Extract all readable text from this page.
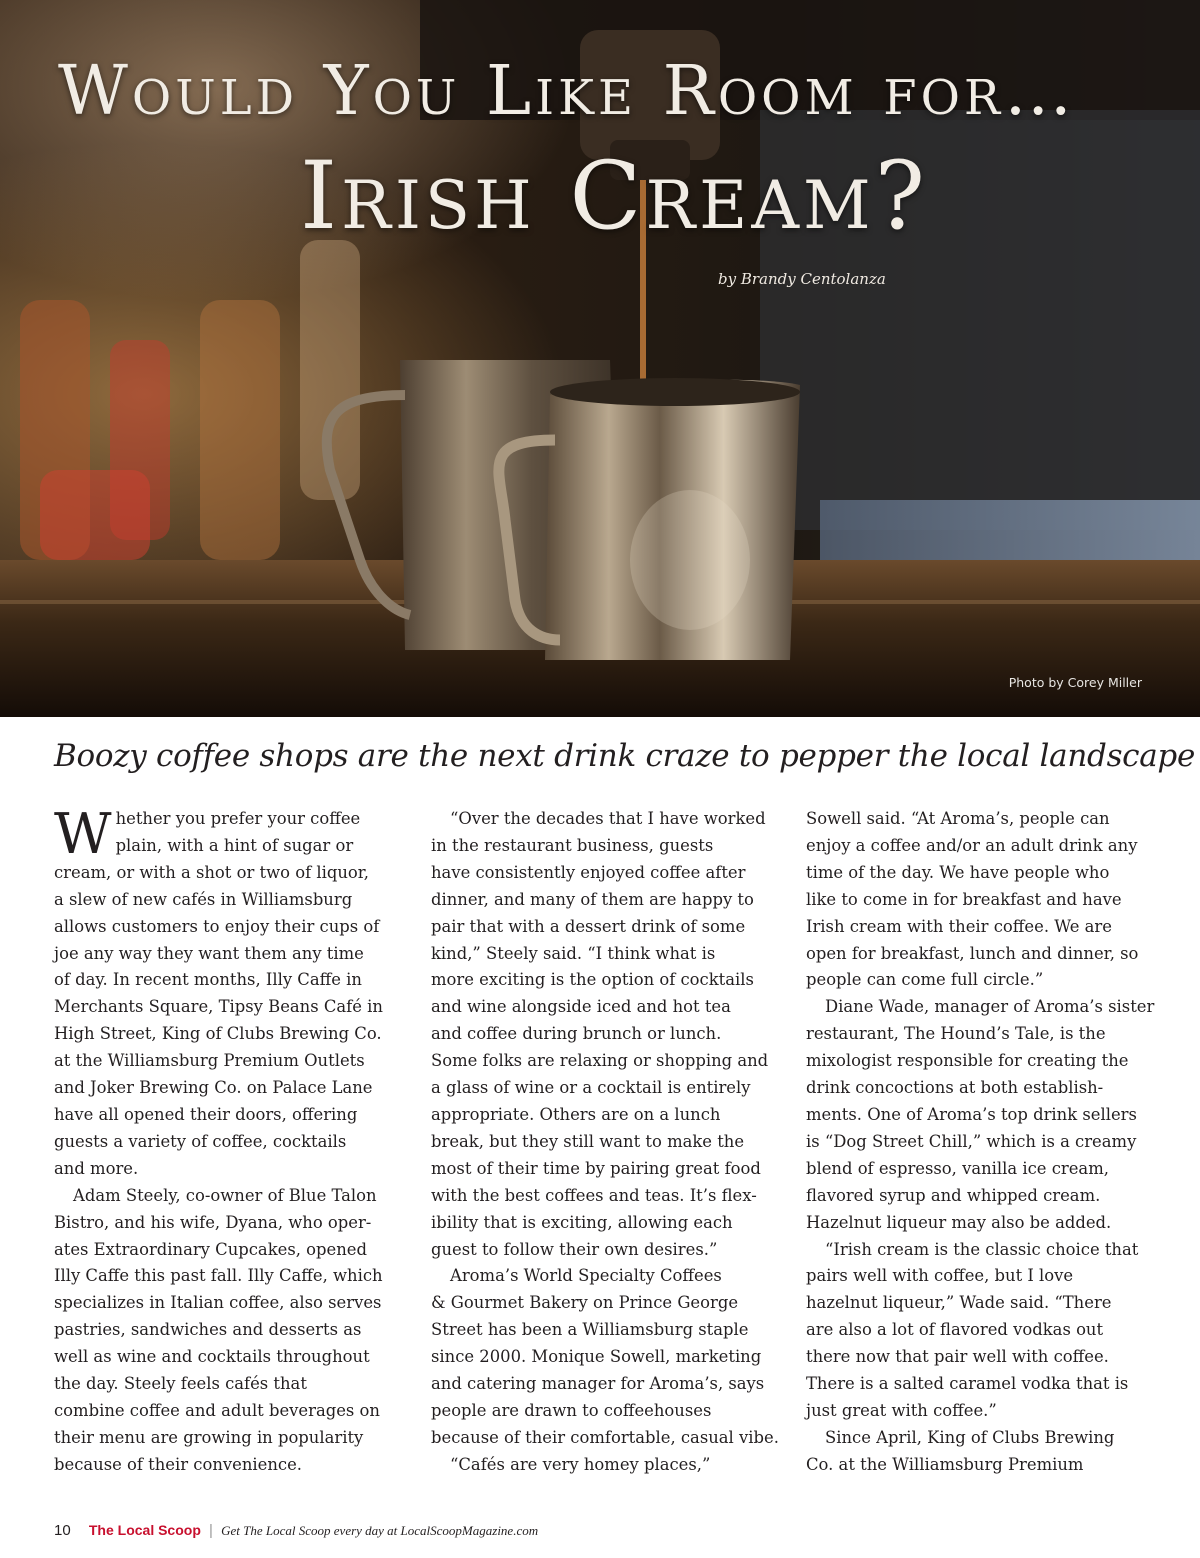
Would You Like Room for…
Irish Cream?
by Brandy Centolanza
Photo by Corey Miller
Boozy coffee shops are the next drink craze to pepper the local landscape
W hether you prefer your coffee

plain, with a hint of sugar or

cream, or with a shot or two of liquor,

a slew of new cafés in Williamsburg

allows customers to enjoy their cups of

joe any way they want them any time

of day. In recent months, Illy Caffe in

Merchants Square, Tipsy Beans Café in

High Street, King of Clubs Brewing Co.

at the Williamsburg Premium Outlets

and Joker Brewing Co. on Palace Lane

have all opened their doors, offering

guests a variety of coffee, cocktails

and more.

Adam Steely, co-owner of Blue Talon

Bistro, and his wife, Dyana, who oper-

ates Extraordinary Cupcakes, opened

Illy Caffe this past fall. Illy Caffe, which

specializes in Italian coffee, also serves

pastries, sandwiches and desserts as

well as wine and cocktails throughout

the day. Steely feels cafés that

combine coffee and adult beverages on

their menu are growing in popularity

because of their convenience.

“Over the decades that I have worked

in the restaurant business, guests

have consistently enjoyed coffee after

dinner, and many of them are happy to

pair that with a dessert drink of some

kind,” Steely said. “I think what is

more exciting is the option of cocktails

and wine alongside iced and hot tea

and coffee during brunch or lunch.

Some folks are relaxing or shopping and

a glass of wine or a cocktail is entirely

appropriate. Others are on a lunch

break, but they still want to make the

most of their time by pairing great food

with the best coffees and teas. It’s flex-

ibility that is exciting, allowing each

guest to follow their own desires.”

Aroma’s World Specialty Coffees

& Gourmet Bakery on Prince George

Street has been a Williamsburg staple

since 2000. Monique Sowell, marketing

and catering manager for Aroma’s, says

people are drawn to coffeehouses

because of their comfortable, casual vibe.

“Cafés are very homey places,”

Sowell said. “At Aroma’s, people can

enjoy a coffee and/or an adult drink any

time of the day. We have people who

like to come in for breakfast and have

Irish cream with their coffee. We are

open for breakfast, lunch and dinner, so

people can come full circle.”

Diane Wade, manager of Aroma’s sister

restaurant, The Hound’s Tale, is the

mixologist responsible for creating the

drink concoctions at both establish-

ments. One of Aroma’s top drink sellers

is “Dog Street Chill,” which is a creamy

blend of espresso, vanilla ice cream,

flavored syrup and whipped cream.

Hazelnut liqueur may also be added.

“Irish cream is the classic choice that

pairs well with coffee, but I love

hazelnut liqueur,” Wade said. “There

are also a lot of flavored vodkas out

there now that pair well with coffee.

There is a salted caramel vodka that is

just great with coffee.”

Since April, King of Clubs Brewing

Co. at the Williamsburg Premium

10 The Local Scoop | Get The Local Scoop every day at LocalScoopMagazine.com
